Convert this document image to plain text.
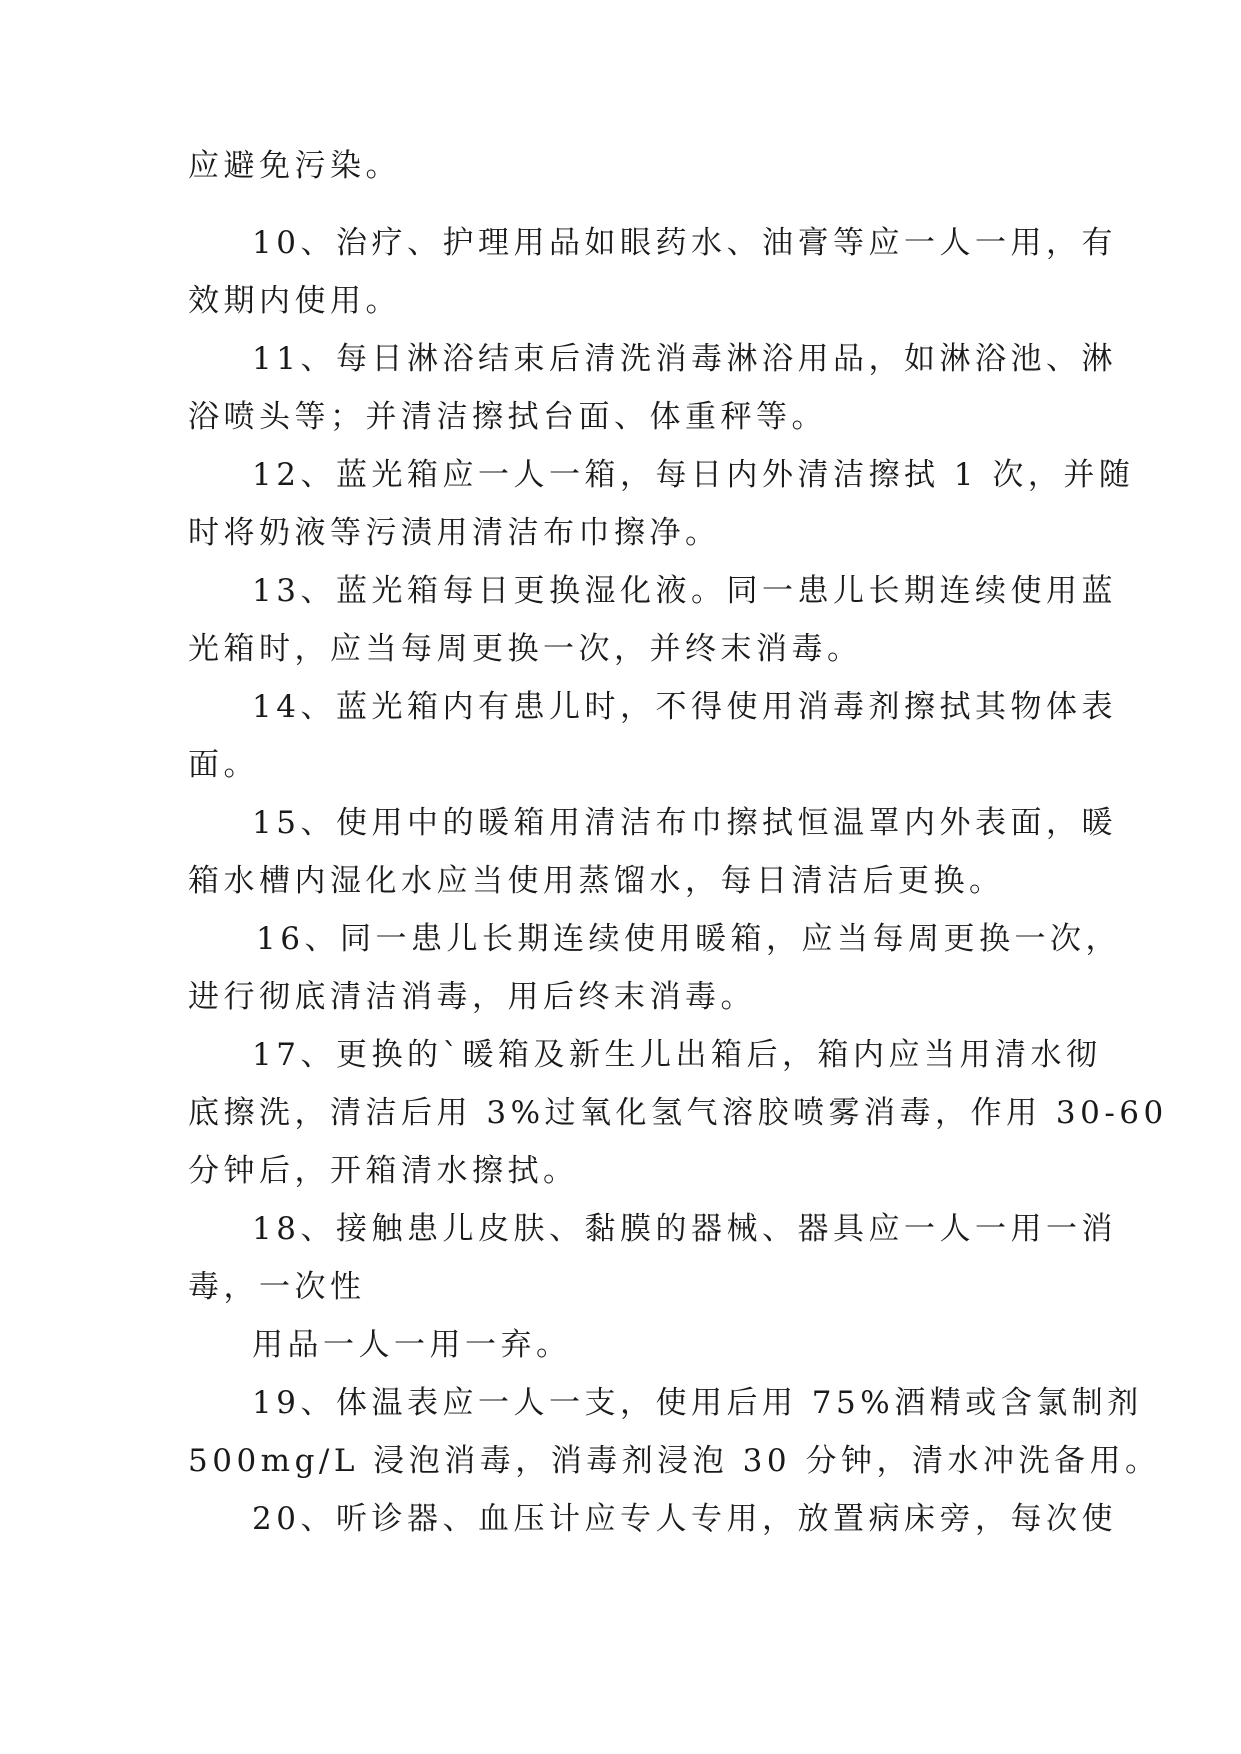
应避免污染。
10、治疗、护理用品如眼药水、油膏等应一人一用，有
效期内使用。
11、每日淋浴结束后清洗消毒淋浴用品，如淋浴池、淋
浴喷头等；并清洁擦拭台面、体重秤等。
12、蓝光箱应一人一箱，每日内外清洁擦拭 1 次，并随
时将奶液等污渍用清洁布巾擦净。
13、蓝光箱每日更换湿化液。同一患儿长期连续使用蓝
光箱时，应当每周更换一次，并终末消毒。
14、蓝光箱内有患儿时，不得使用消毒剂擦拭其物体表
面。
15、使用中的暖箱用清洁布巾擦拭恒温罩内外表面，暖
箱水槽内湿化水应当使用蒸馏水，每日清洁后更换。
16、同一患儿长期连续使用暖箱，应当每周更换一次，
进行彻底清洁消毒，用后终末消毒。
17、更换的`暖箱及新生儿出箱后，箱内应当用清水彻
底擦洗，清洁后用 3%过氧化氢气溶胶喷雾消毒，作用 30-60
分钟后，开箱清水擦拭。
18、接触患儿皮肤、黏膜的器械、器具应一人一用一消
毒，一次性
用品一人一用一弃。
19、体温表应一人一支，使用后用 75%酒精或含氯制剂
500mg/L 浸泡消毒，消毒剂浸泡 30 分钟，清水冲洗备用。
20、听诊器、血压计应专人专用，放置病床旁，每次使
